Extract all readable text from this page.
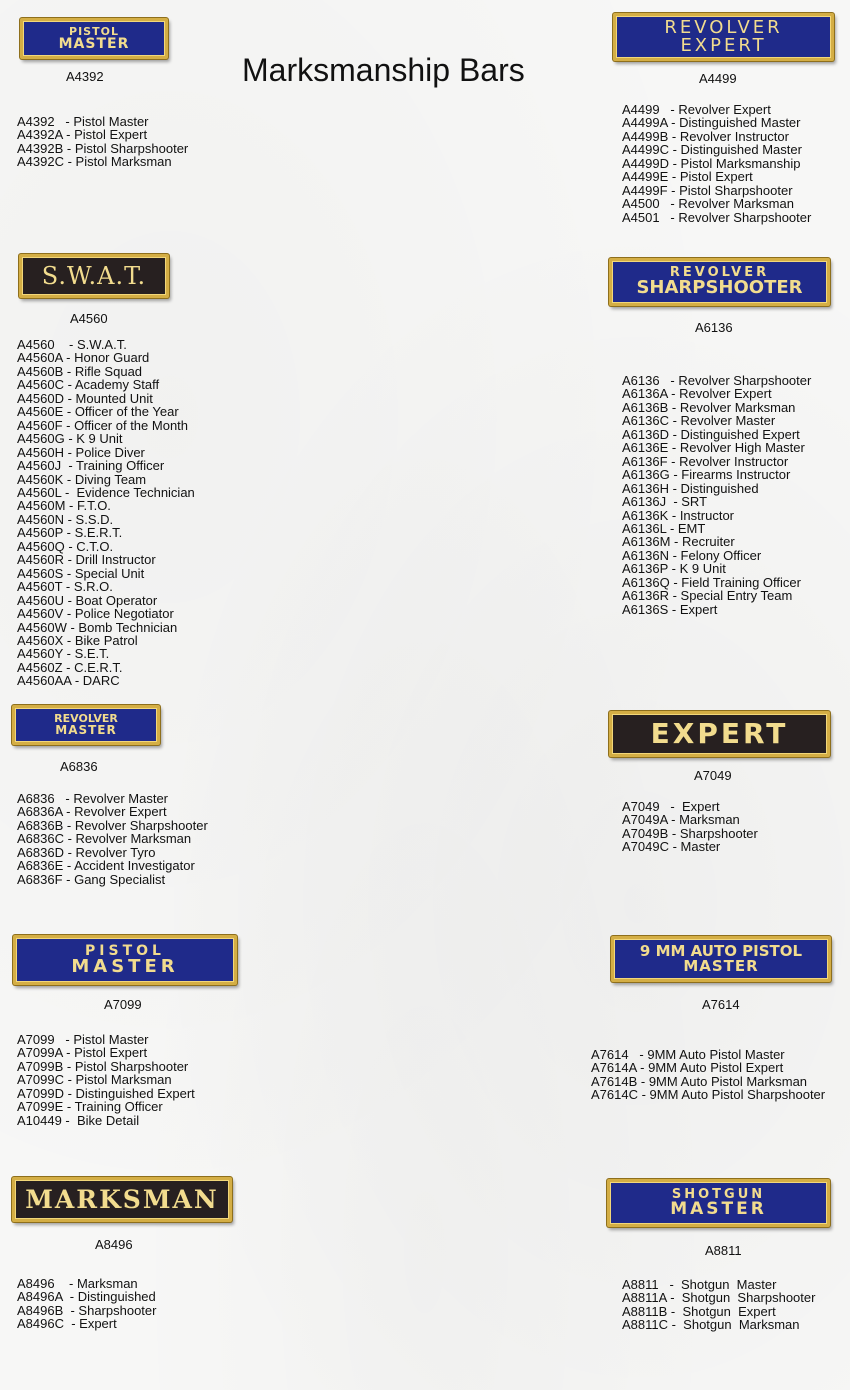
Marksmanship Bars
PISTOL
MASTER
A4392
A4392   - Pistol Master
A4392A - Pistol Expert
A4392B - Pistol Sharpshooter
A4392C - Pistol Marksman
REVOLVER
EXPERT
A4499
A4499   - Revolver Expert
A4499A - Distinguished Master
A4499B - Revolver Instructor
A4499C - Distinguished Master
A4499D - Pistol Marksmanship
A4499E - Pistol Expert
A4499F - Pistol Sharpshooter
A4500   - Revolver Marksman
A4501   - Revolver Sharpshooter
S.W.A.T.
A4560
A4560    - S.W.A.T.
A4560A - Honor Guard
A4560B - Rifle Squad
A4560C - Academy Staff
A4560D - Mounted Unit
A4560E - Officer of the Year
A4560F - Officer of the Month
A4560G - K 9 Unit
A4560H - Police Diver
A4560J  - Training Officer
A4560K - Diving Team
A4560L -  Evidence Technician
A4560M - F.T.O.
A4560N - S.S.D.
A4560P - S.E.R.T.
A4560Q - C.T.O.
A4560R - Drill Instructor
A4560S - Special Unit
A4560T - S.R.O.
A4560U - Boat Operator
A4560V - Police Negotiator
A4560W - Bomb Technician
A4560X - Bike Patrol
A4560Y - S.E.T.
A4560Z - C.E.R.T.
A4560AA - DARC
REVOLVER
SHARPSHOOTER
A6136
A6136   - Revolver Sharpshooter
A6136A - Revolver Expert
A6136B - Revolver Marksman
A6136C - Revolver Master
A6136D - Distinguished Expert
A6136E - Revolver High Master
A6136F - Revolver Instructor
A6136G - Firearms Instructor
A6136H - Distinguished
A6136J  - SRT
A6136K - Instructor
A6136L - EMT
A6136M - Recruiter
A6136N - Felony Officer
A6136P - K 9 Unit
A6136Q - Field Training Officer
A6136R - Special Entry Team
A6136S - Expert
REVOLVER
MASTER
A6836
A6836   - Revolver Master
A6836A - Revolver Expert
A6836B - Revolver Sharpshooter
A6836C - Revolver Marksman
A6836D - Revolver Tyro
A6836E - Accident Investigator
A6836F - Gang Specialist
EXPERT
A7049
A7049   -  Expert
A7049A - Marksman
A7049B - Sharpshooter
A7049C - Master
PISTOL
MASTER
A7099
A7099   - Pistol Master
A7099A - Pistol Expert
A7099B - Pistol Sharpshooter
A7099C - Pistol Marksman
A7099D - Distinguished Expert
A7099E - Training Officer
A10449 -  Bike Detail
9 MM AUTO PISTOL
MASTER
A7614
A7614   - 9MM Auto Pistol Master
A7614A - 9MM Auto Pistol Expert
A7614B - 9MM Auto Pistol Marksman
A7614C - 9MM Auto Pistol Sharpshooter
MARKSMAN
A8496
A8496    - Marksman
A8496A  - Distinguished
A8496B  - Sharpshooter
A8496C  - Expert
SHOTGUN
MASTER
A8811
A8811   -  Shotgun  Master
A8811A -  Shotgun  Sharpshooter
A8811B -  Shotgun  Expert
A8811C -  Shotgun  Marksman
